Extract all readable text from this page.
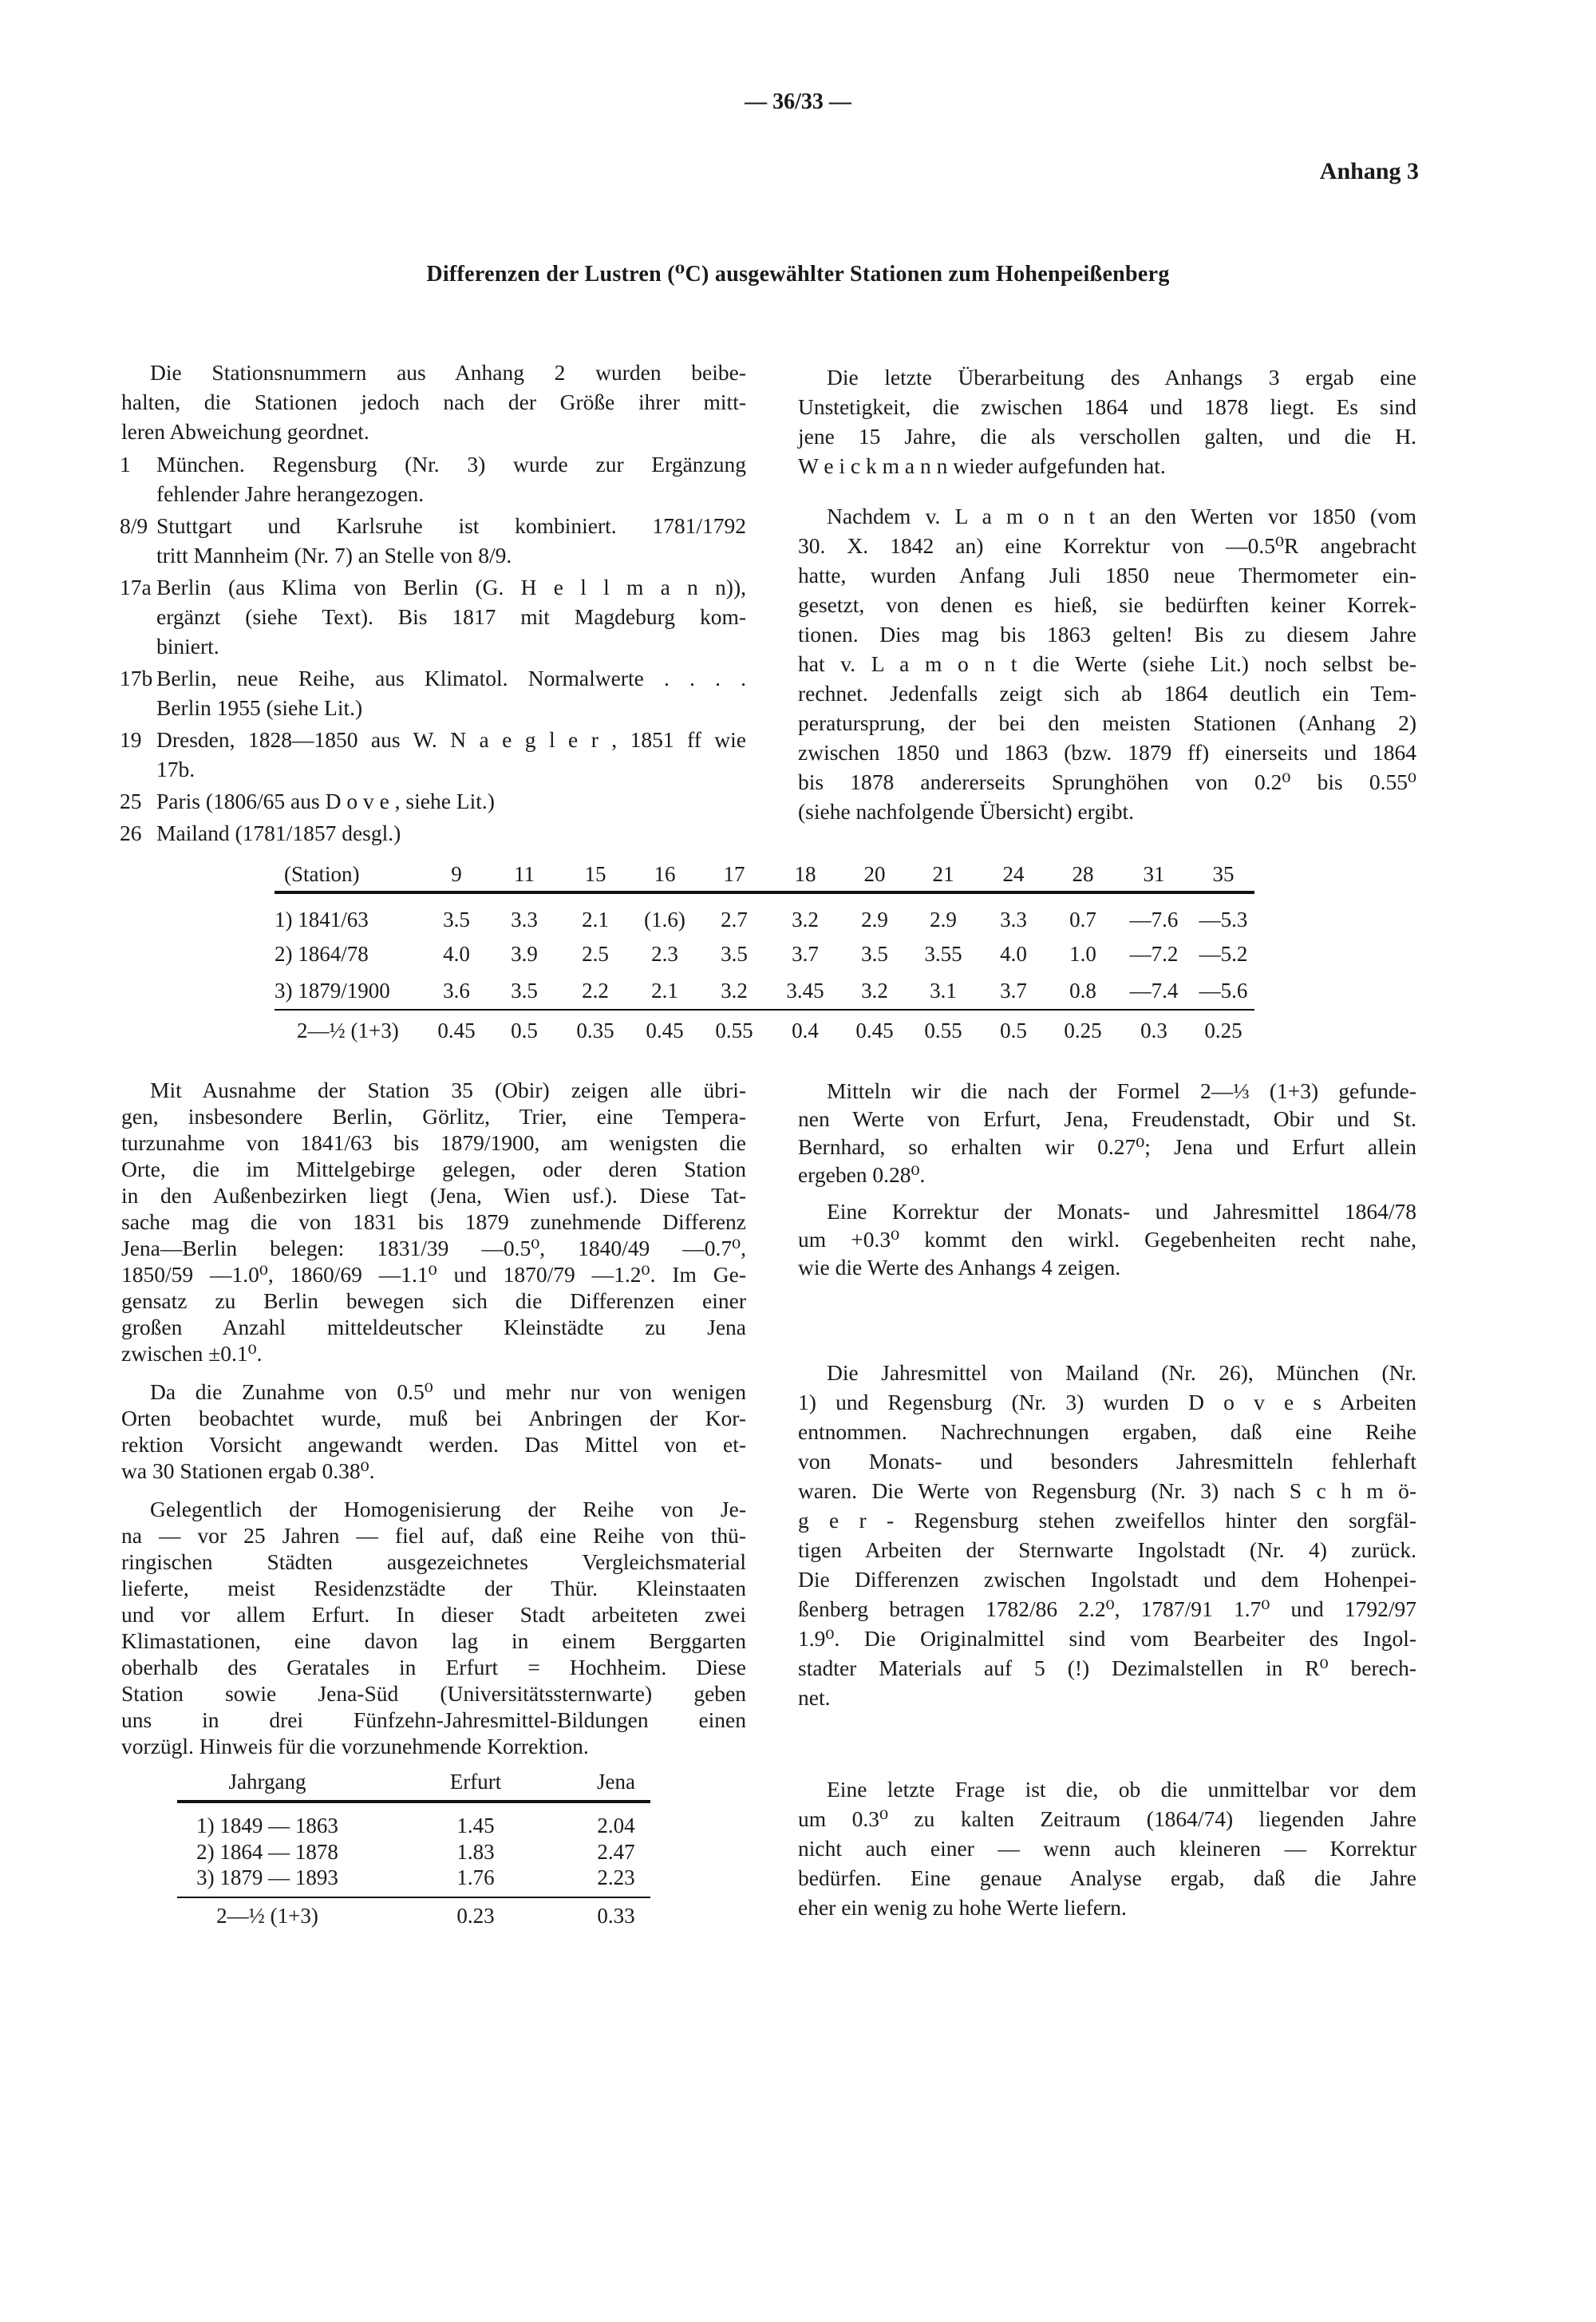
— 36/33 —
Anhang 3
Differenzen der Lustren (⁰C) ausgewählter Stationen zum Hohenpeißenberg
Die Stationsnummern aus Anhang 2 wurden beibe-
halten, die Stationen jedoch nach der Größe ihrer mitt-
leren Abweichung geordnet.
1 München. Regensburg (Nr. 3) wurde zur Ergänzung
fehlender Jahre herangezogen.
8/9 Stuttgart und Karlsruhe ist kombiniert. 1781/1792
tritt Mannheim (Nr. 7) an Stelle von 8/9.
17a Berlin (aus Klima von Berlin (G. H e l l m a n n)),
ergänzt (siehe Text). Bis 1817 mit Magdeburg kom-
biniert.
17b Berlin, neue Reihe, aus Klimatol. Normalwerte . . . .
Berlin 1955 (siehe Lit.)
19 Dresden, 1828—1850 aus W. N a e g l e r , 1851 ff wie
17b.
25 Paris (1806/65 aus D o v e , siehe Lit.)
26 Mailand (1781/1857 desgl.)
Die letzte Überarbeitung des Anhangs 3 ergab eine
Unstetigkeit, die zwischen 1864 und 1878 liegt. Es sind
jene 15 Jahre, die als verschollen galten, und die H.
W e i c k m a n n wieder aufgefunden hat.
Nachdem v. L a m o n t an den Werten vor 1850 (vom
30. X. 1842 an) eine Korrektur von —0.5⁰R angebracht
hatte, wurden Anfang Juli 1850 neue Thermometer ein-
gesetzt, von denen es hieß, sie bedürften keiner Korrek-
tionen. Dies mag bis 1863 gelten! Bis zu diesem Jahre
hat v. L a m o n t die Werte (siehe Lit.) noch selbst be-
rechnet. Jedenfalls zeigt sich ab 1864 deutlich ein Tem-
peratursprung, der bei den meisten Stationen (Anhang 2)
zwischen 1850 und 1863 (bzw. 1879 ff) einerseits und 1864
bis 1878 andererseits Sprunghöhen von 0.2⁰ bis 0.55⁰
(siehe nachfolgende Übersicht) ergibt.
(Station)	9 11 15 16 17 18 20 21 24 28 31 35
1) 1841/63	3.5 3.3 2.1 (1.6) 2.7 3.2 2.9 2.9 3.3 0.7 —7.6 —5.3
2) 1864/78	4.0 3.9 2.5 2.3 3.5 3.7 3.5 3.55 4.0 1.0 —7.2 —5.2
3) 1879/1900 3.6 3.5 2.2 2.1 3.2 3.45 3.2 3.1 3.7 0.8 —7.4 —5.6
2—½ (1+3) 0.45 0.5 0.35 0.45 0.55 0.4 0.45 0.55 0.5 0.25 0.3 0.25
Mit Ausnahme der Station 35 (Obir) zeigen alle übri-
gen, insbesondere Berlin, Görlitz, Trier, eine Tempera-
turzunahme von 1841/63 bis 1879/1900, am wenigsten die
Orte, die im Mittelgebirge gelegen, oder deren Station
in den Außenbezirken liegt (Jena, Wien usf.). Diese Tat-
sache mag die von 1831 bis 1879 zunehmende Differenz
Jena—Berlin belegen: 1831/39 —0.5⁰, 1840/49 —0.7⁰,
1850/59 —1.0⁰, 1860/69 —1.1⁰ und 1870/79 —1.2⁰. Im Ge-
gensatz zu Berlin bewegen sich die Differenzen einer
großen Anzahl mitteldeutscher Kleinstädte zu Jena
zwischen ±0.1⁰.
Da die Zunahme von 0.5⁰ und mehr nur von wenigen
Orten beobachtet wurde, muß bei Anbringen der Kor-
rektion Vorsicht angewandt werden. Das Mittel von et-
wa 30 Stationen ergab 0.38⁰.
Gelegentlich der Homogenisierung der Reihe von Je-
na — vor 25 Jahren — fiel auf, daß eine Reihe von thü-
ringischen Städten ausgezeichnetes Vergleichsmaterial
lieferte, meist Residenzstädte der Thür. Kleinstaaten
und vor allem Erfurt. In dieser Stadt arbeiteten zwei
Klimastationen, eine davon lag in einem Berggarten
oberhalb des Geratales in Erfurt = Hochheim. Diese
Station sowie Jena-Süd (Universitätssternwarte) geben
uns in drei Fünfzehn-Jahresmittel-Bildungen einen
vorzügl. Hinweis für die vorzunehmende Korrektion.
Jahrgang	Erfurt	Jena
1) 1849 — 1863	1.45	2.04
2) 1864 — 1878	1.83	2.47
3) 1879 — 1893	1.76	2.23
2—½ (1+3)	0.23	0.33
Mitteln wir die nach der Formel 2—⅓ (1+3) gefunde-
nen Werte von Erfurt, Jena, Freudenstadt, Obir und St.
Bernhard, so erhalten wir 0.27⁰; Jena und Erfurt allein
ergeben 0.28⁰.
Eine Korrektur der Monats- und Jahresmittel 1864/78
um +0.3⁰ kommt den wirkl. Gegebenheiten recht nahe,
wie die Werte des Anhangs 4 zeigen.
Die Jahresmittel von Mailand (Nr. 26), München (Nr.
1) und Regensburg (Nr. 3) wurden D o v e s Arbeiten
entnommen. Nachrechnungen ergaben, daß eine Reihe
von Monats- und besonders Jahresmitteln fehlerhaft
waren. Die Werte von Regensburg (Nr. 3) nach S c h m ö-
g e r - Regensburg stehen zweifellos hinter den sorgfäl-
tigen Arbeiten der Sternwarte Ingolstadt (Nr. 4) zurück.
Die Differenzen zwischen Ingolstadt und dem Hohenpei-
ßenberg betragen 1782/86 2.2⁰, 1787/91 1.7⁰ und 1792/97
1.9⁰. Die Originalmittel sind vom Bearbeiter des Ingol-
stadter Materials auf 5 (!) Dezimalstellen in R⁰ berech-
net.
Eine letzte Frage ist die, ob die unmittelbar vor dem
um 0.3⁰ zu kalten Zeitraum (1864/74) liegenden Jahre
nicht auch einer — wenn auch kleineren — Korrektur
bedürfen. Eine genaue Analyse ergab, daß die Jahre
eher ein wenig zu hohe Werte liefern.
